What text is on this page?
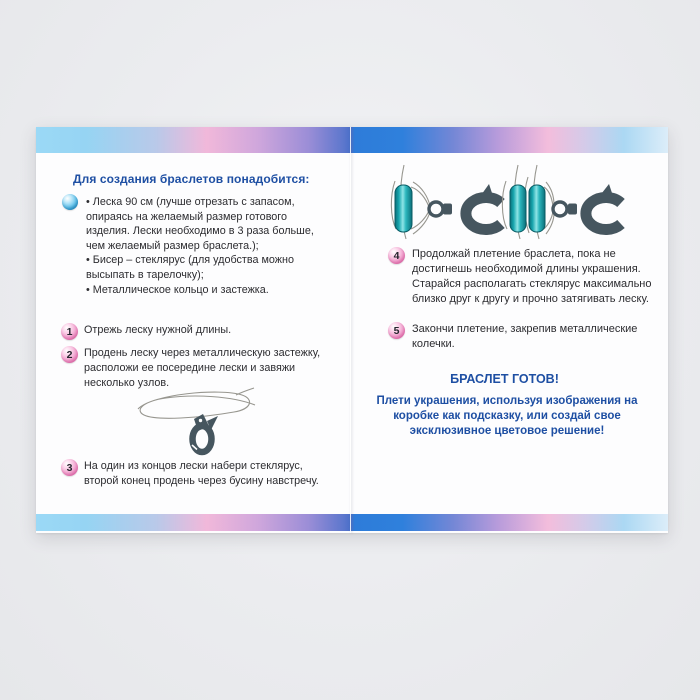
Для создания браслетов понадобится:

• Леска 90 см (лучше отрезать с запасом, опираясь на желаемый размер готового изделия. Лески необходимо в 3 раза больше, чем желаемый размер браслета.);

• Бисер – стеклярус (для удобства можно высыпать в тарелочку);

• Металлическое кольцо и застежка.

1	Отрежь леску нужной длины.
2	Продень леску через металлическую застежку, расположи ее посередине лески и завяжи несколько узлов.
3	На один из концов лески набери стеклярус, второй конец продень через бусину навстречу.
4	Продолжай плетение браслета, пока не достигнешь необходимой длины украшения. Старайся располагать стеклярус максимально близко друг к другу и прочно затягивать леску.
5	Закончи плетение, закрепив металлические колечки.
БРАСЛЕТ ГОТОВ!

Плети украшения, используя изображения на коробке как подсказку, или создай свое эксклюзивное цветовое решение!
